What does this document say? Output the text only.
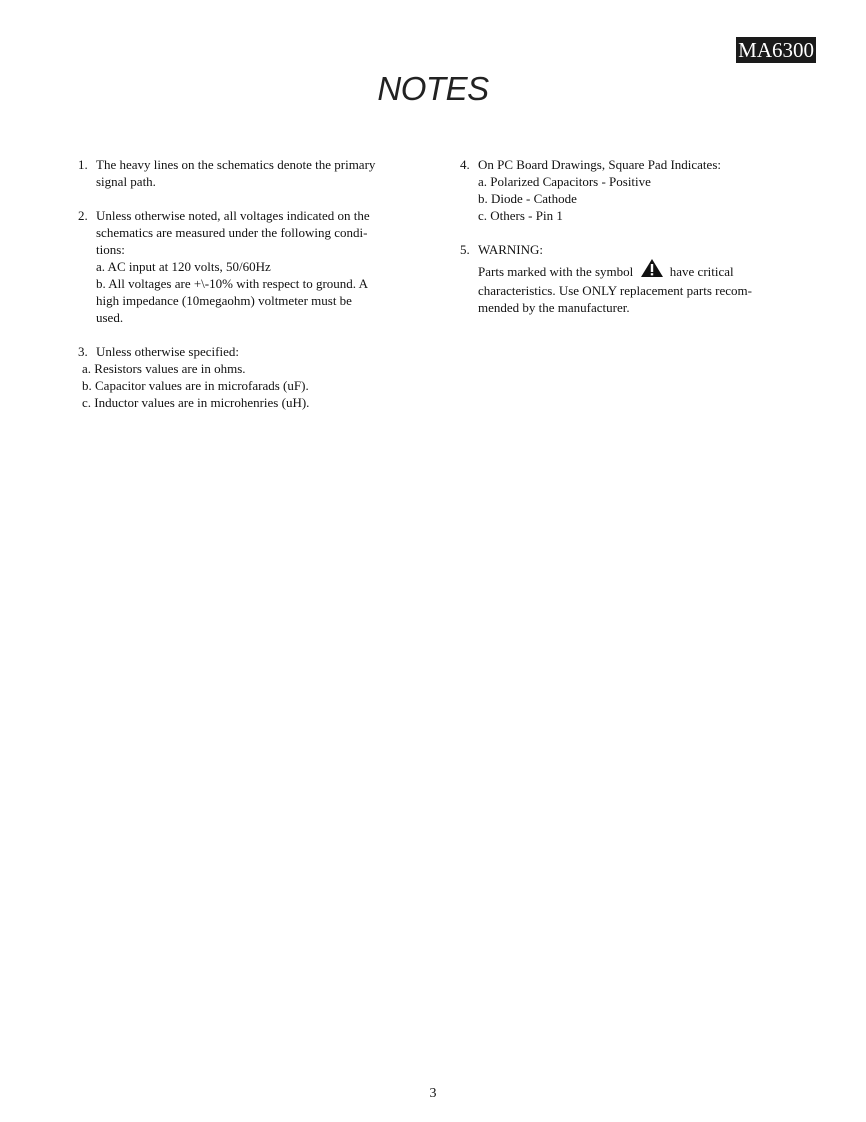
MA6300
NOTES
1. The heavy lines on the schematics denote the primary
signal path.
2. Unless otherwise noted, all voltages indicated on the
schematics are measured under the following condi-
tions:
a. AC input at 120 volts, 50/60Hz
b. All voltages are +\-10% with respect to ground. A
high impedance (10megaohm) voltmeter must be
used.
3. Unless otherwise specified:
a. Resistors values are in ohms.
b. Capacitor values are in microfarads (uF).
c. Inductor values are in microhenries (uH).
4. On PC Board Drawings, Square Pad Indicates:
a. Polarized Capacitors - Positive
b. Diode - Cathode
c. Others - Pin 1
5. WARNING:
Parts marked with the symbol	have critical
characteristics. Use ONLY replacement parts recom-
mended by the manufacturer.
3
